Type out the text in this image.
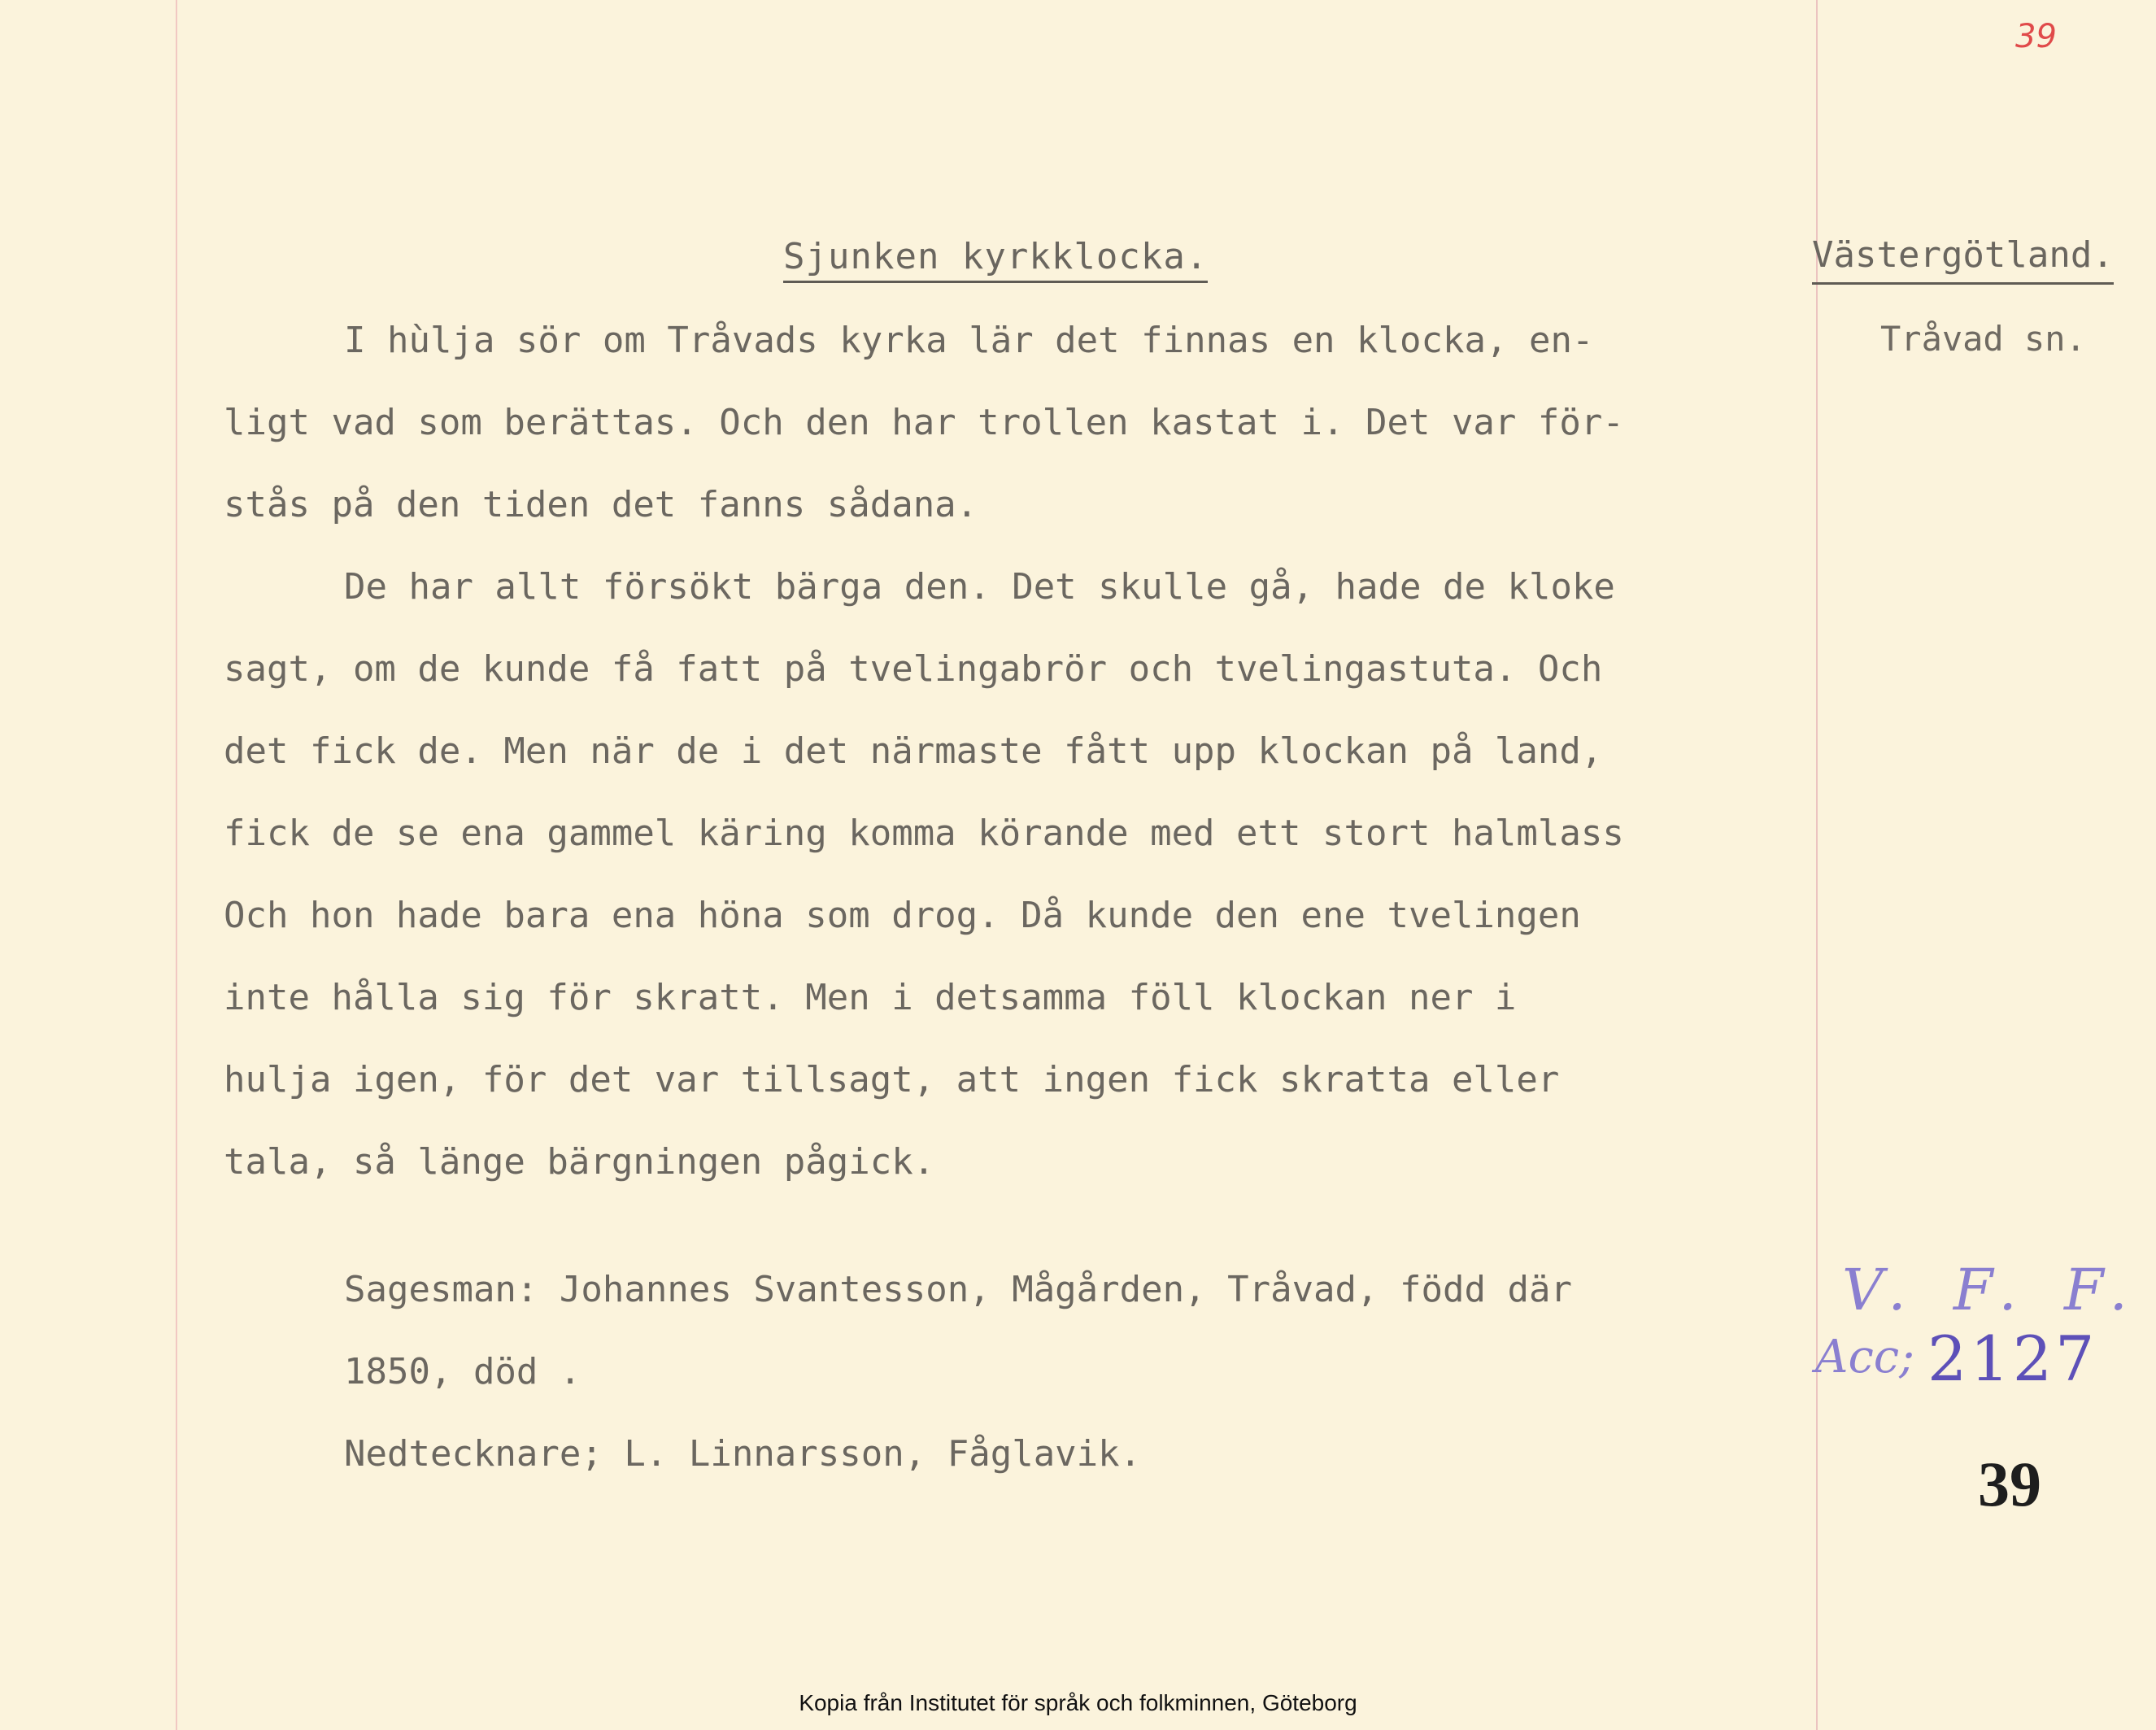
39
Sjunken kyrkklocka.	Västergötland.
Tråvad sn.
I hùlja sör om Tråvads kyrka lär det finnas en klocka, en-
ligt vad som berättas. Och den har trollen kastat i. Det var för-
stås på den tiden det fanns sådana.
De har allt försökt bärga den. Det skulle gå, hade de kloke
sagt, om de kunde få fatt på tvelingabrör och tvelingastuta. Och
det fick de. Men när de i det närmaste fått upp klockan på land,
fick de se ena gammel käring komma körande med ett stort halmlass
Och hon hade bara ena höna som drog. Då kunde den ene tvelingen
inte hålla sig för skratt. Men i detsamma föll klockan ner i
hulja igen, för det var tillsagt, att ingen fick skratta eller
tala, så länge bärgningen pågick.
Sagesman: Johannes Svantesson, Mågården, Tråvad, född där
1850, död .
Nedtecknare; L. Linnarsson, Fåglavik.
V. F. F.
Acc; 2127
39
Kopia från Institutet för språk och folkminnen, Göteborg
